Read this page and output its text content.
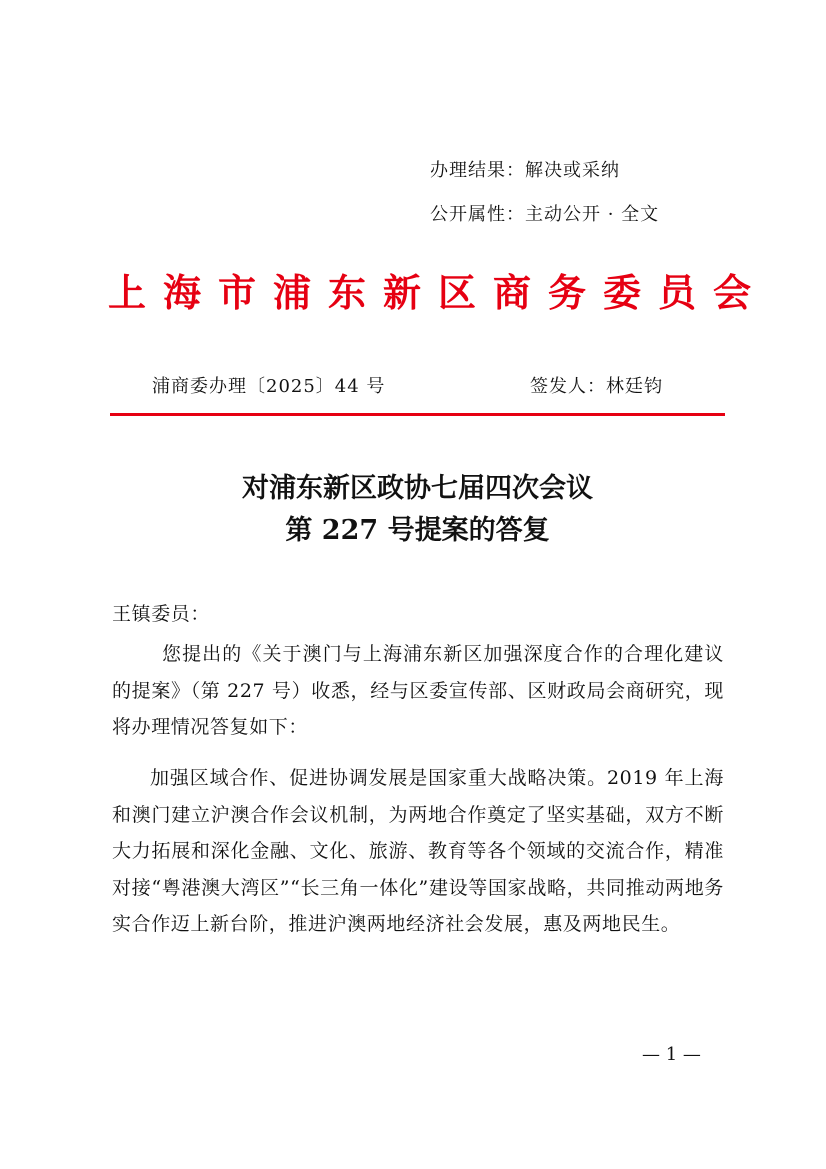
办理结果：解决或采纳
公开属性：主动公开 · 全文
上海市浦东新区商务委员会
浦商委办理〔2025〕44 号	签发人：林廷钧
对浦东新区政协七届四次会议
第 227 号提案的答复
王镇委员：
您提出的《关于澳门与上海浦东新区加强深度合作的合理化建议的提案》（第 227 号）收悉，经与区委宣传部、区财政局会商研究，现将办理情况答复如下：
加强区域合作、促进协调发展是国家重大战略决策。2019 年上海和澳门建立沪澳合作会议机制，为两地合作奠定了坚实基础，双方不断大力拓展和深化金融、文化、旅游、教育等各个领域的交流合作，精准对接“粤港澳大湾区”“长三角一体化”建设等国家战略，共同推动两地务实合作迈上新台阶，推进沪澳两地经济社会发展，惠及两地民生。
— 1 —
